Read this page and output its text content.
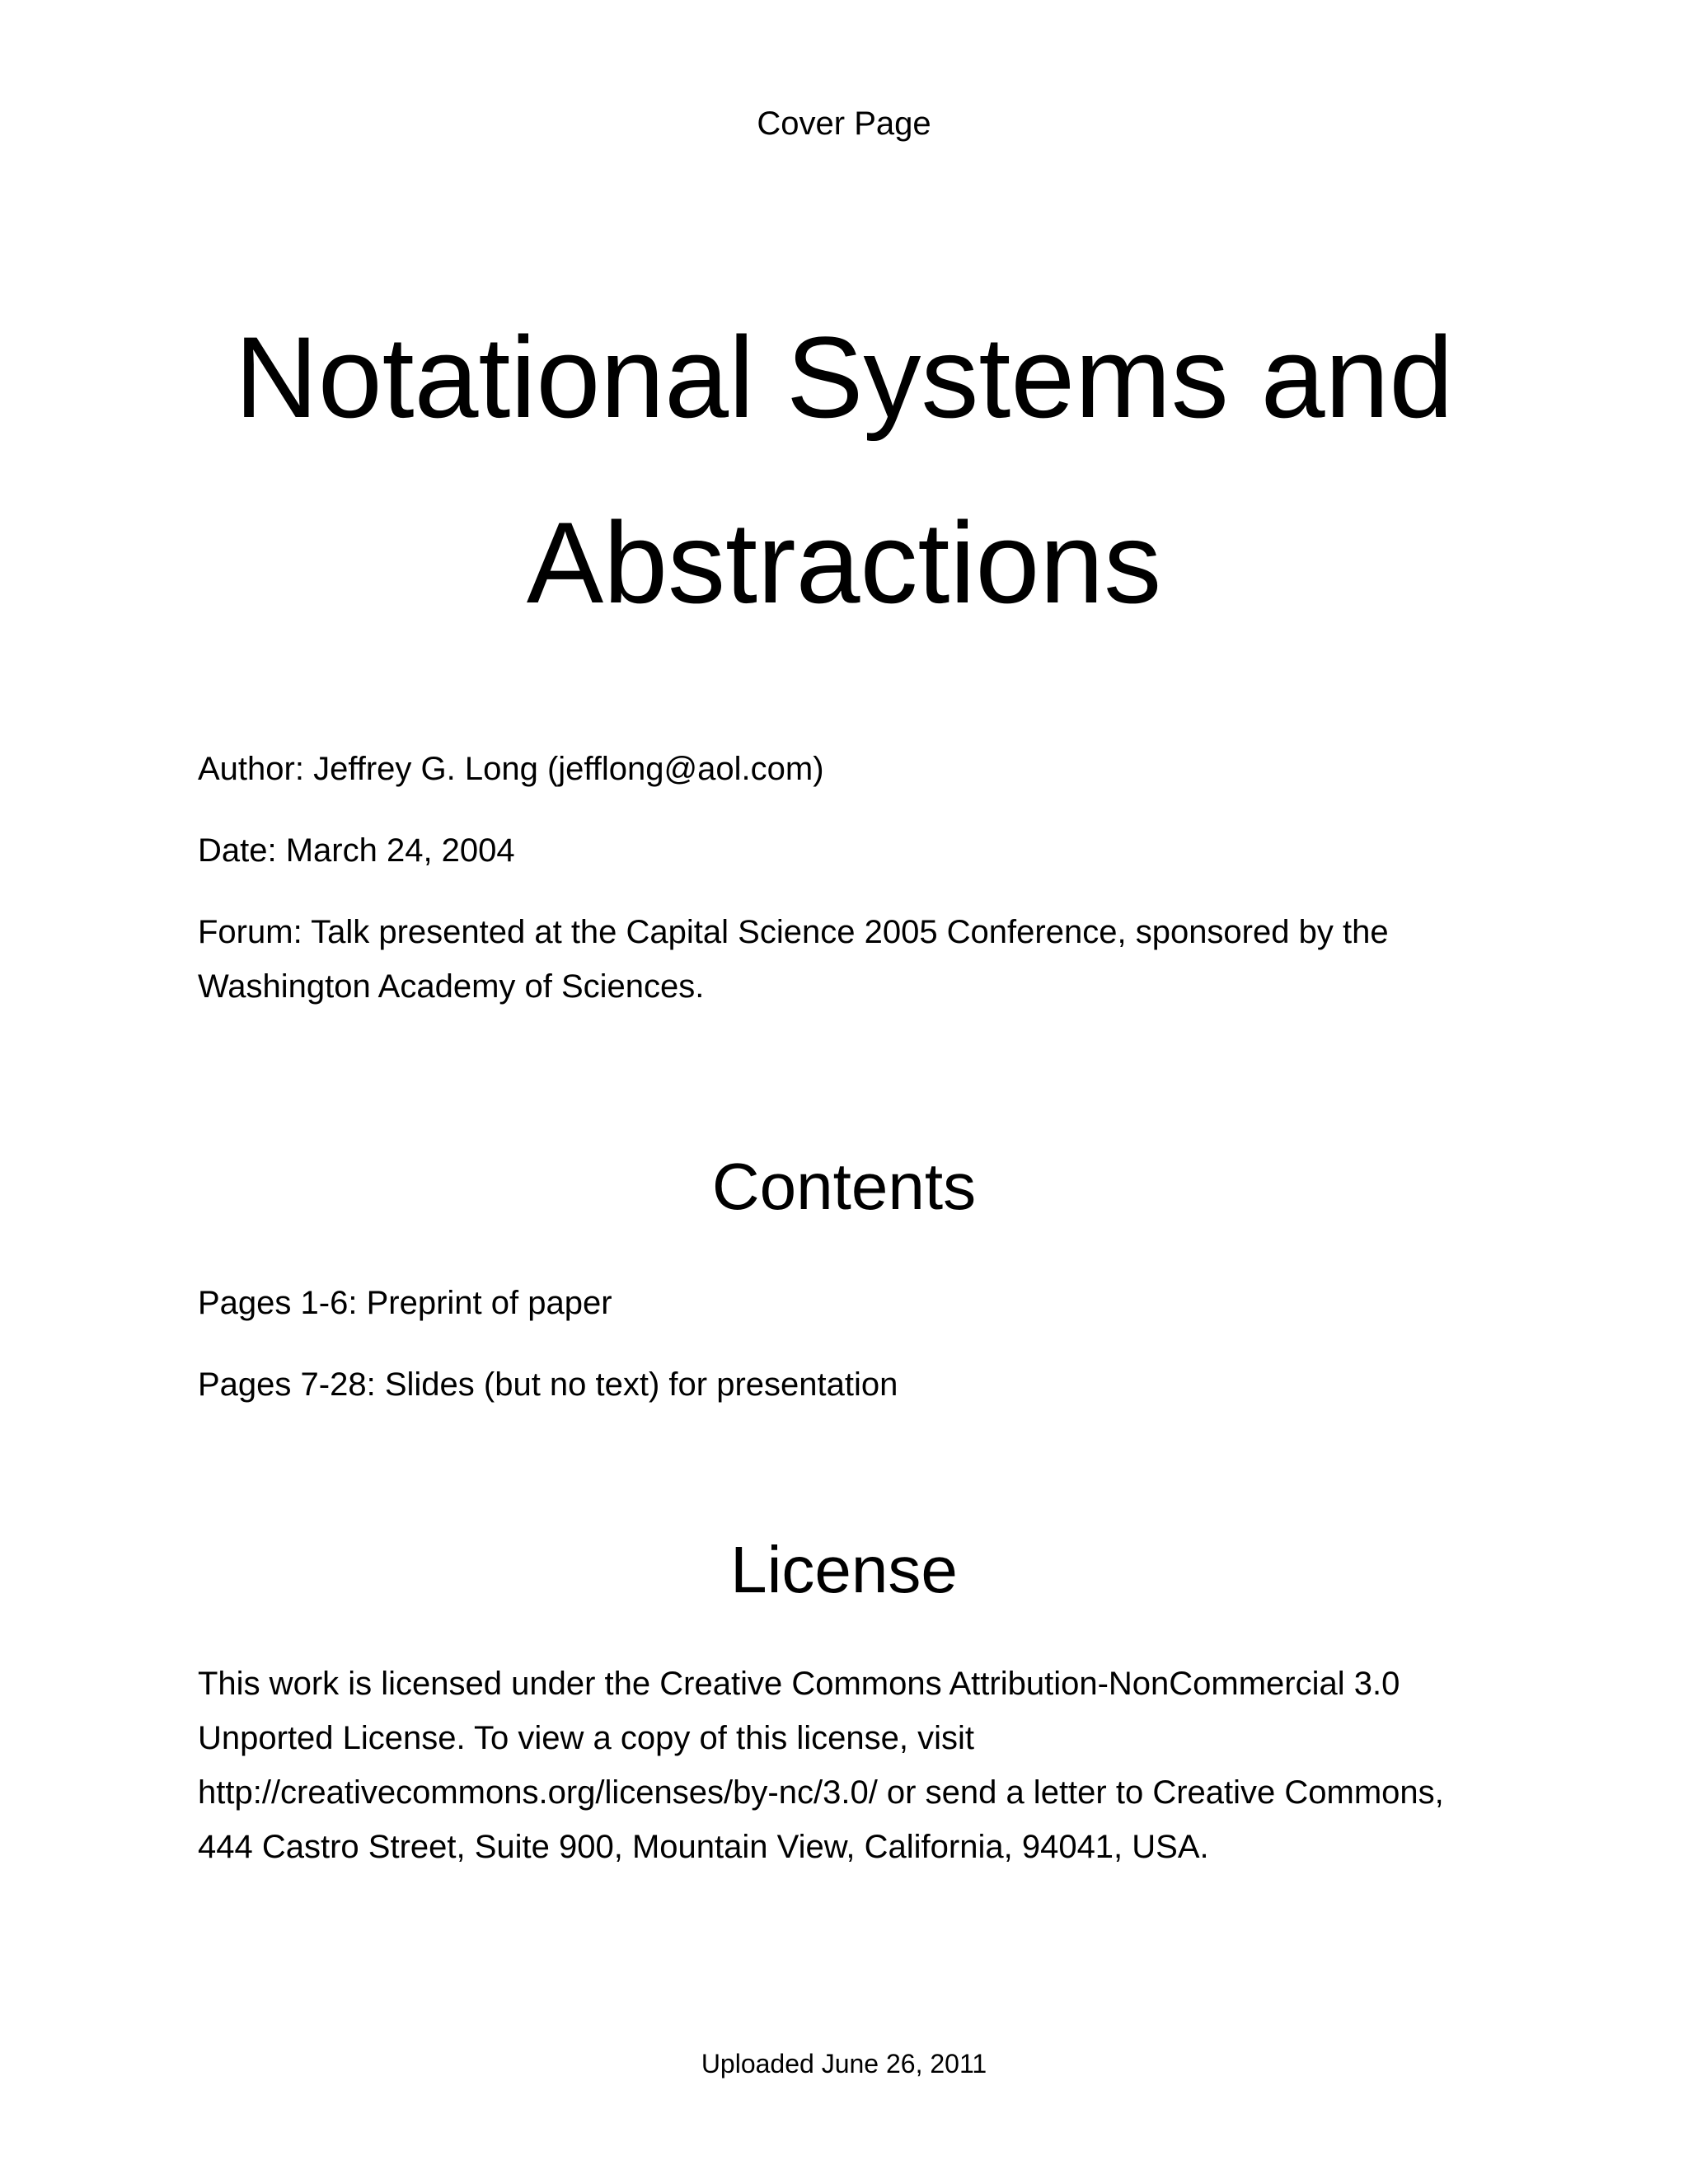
Cover Page
Notational Systems and
Abstractions

Author: Jeffrey G. Long (jefflong@aol.com)

Date: March 24, 2004

Forum: Talk presented at the Capital Science 2005 Conference, sponsored by the Washington Academy of Sciences.

Contents

Pages 1-6: Preprint of paper

Pages 7-28: Slides (but no text) for presentation

License

This work is licensed under the Creative Commons Attribution-NonCommercial 3.0 Unported License. To view a copy of this license, visit http://creativecommons.org/licenses/by-nc/3.0/ or send a letter to Creative Commons, 444 Castro Street, Suite 900, Mountain View, California, 94041, USA.

Uploaded June 26, 2011
